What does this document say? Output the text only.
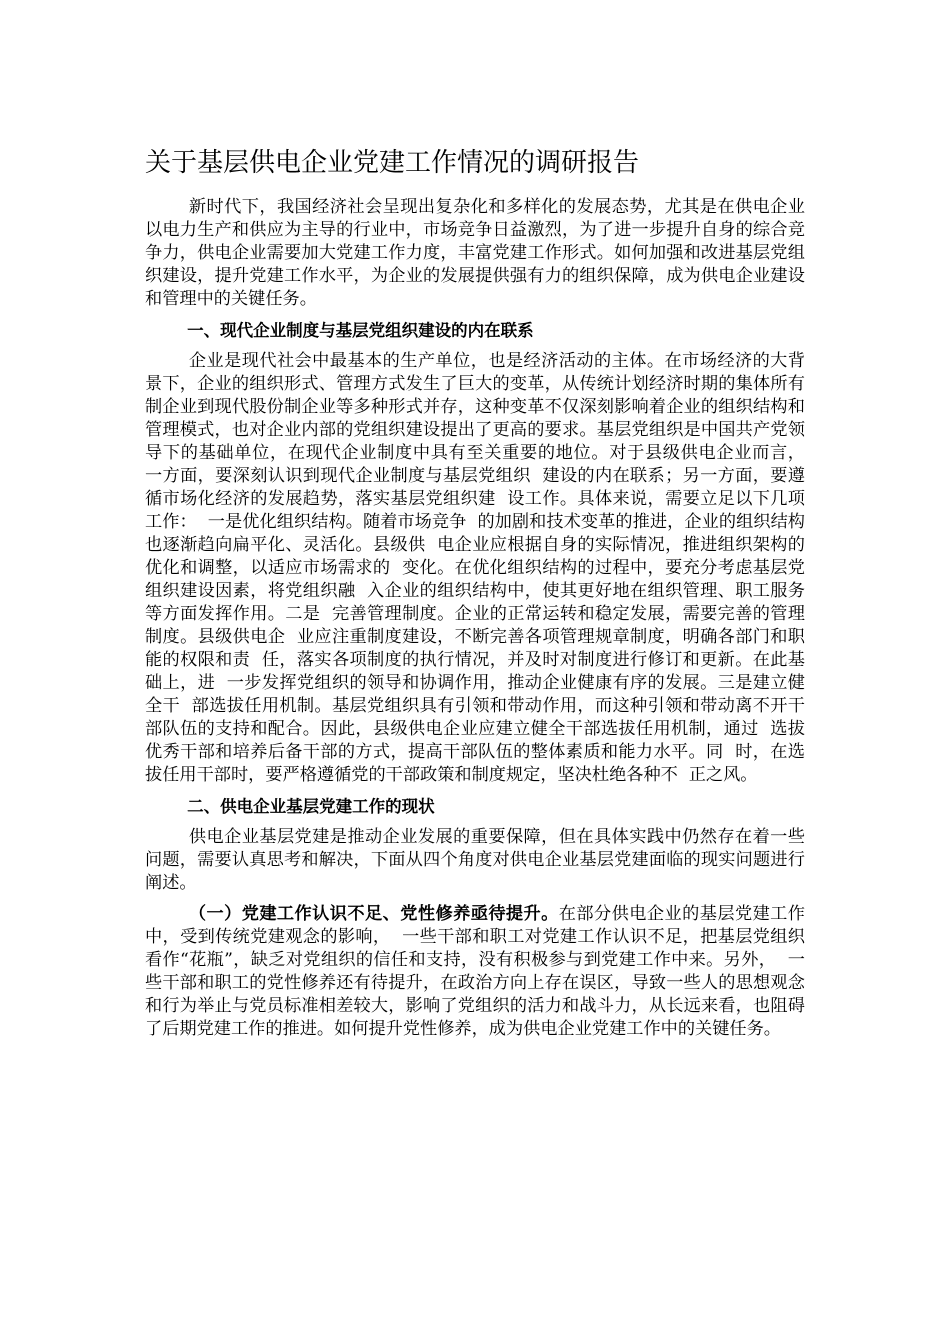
关于基层供电企业党建工作情况的调研报告

新时代下，我国经济社会呈现出复杂化和多样化的发展态势，尤其是在供电企业以电力生产和供应为主导的行业中，市场竞争日益激烈，为了进一步提升自身的综合竞争力，供电企业需要加大党建工作力度，丰富党建工作形式。如何加强和改进基层党组织建设，提升党建工作水平，为企业的发展提供强有力的组织保障，成为供电企业建设和管理中的关键任务。

一、现代企业制度与基层党组织建设的内在联系

企业是现代社会中最基本的生产单位，也是经济活动的主体。在市场经济的大背景下，企业的组织形式、管理方式发生了巨大的变革，从传统计划经济时期的集体所有制企业到现代股份制企业等多种形式并存，这种变革不仅深刻影响着企业的组织结构和管理模式，也对企业内部的党组织建设提出了更高的要求。基层党组织是中国共产党领导下的基础单位，在现代企业制度中具有至关重要的地位。对于县级供电企业而言，  一方面，要深刻认识到现代企业制度与基层党组织  建设的内在联系；另一方面，要遵循市场化经济的发展趋势，落实基层党组织建  设工作。具体来说，需要立足以下几项工作：  一是优化组织结构。随着市场竞争  的加剧和技术变革的推进，企业的组织结构也逐渐趋向扁平化、灵活化。县级供  电企业应根据自身的实际情况，推进组织架构的优化和调整，以适应市场需求的  变化。在优化组织结构的过程中，要充分考虑基层党组织建设因素，将党组织融  入企业的组织结构中，使其更好地在组织管理、职工服务等方面发挥作用。二是  完善管理制度。企业的正常运转和稳定发展，需要完善的管理制度。县级供电企  业应注重制度建设，不断完善各项管理规章制度，明确各部门和职能的权限和责  任，落实各项制度的执行情况，并及时对制度进行修订和更新。在此基础上，进  一步发挥党组织的领导和协调作用，推动企业健康有序的发展。三是建立健全干  部选拔任用机制。基层党组织具有引领和带动作用，而这种引领和带动离不开干  部队伍的支持和配合。因此，县级供电企业应建立健全干部选拔任用机制，通过  选拔优秀干部和培养后备干部的方式，提高干部队伍的整体素质和能力水平。同  时，在选拔任用干部时，要严格遵循党的干部政策和制度规定，坚决杜绝各种不  正之风。

二、供电企业基层党建工作的现状

供电企业基层党建是推动企业发展的重要保障，但在具体实践中仍然存在着一些问题，需要认真思考和解决，下面从四个角度对供电企业基层党建面临的现实问题进行阐述。

（一）党建工作认识不足、党性修养亟待提升。在部分供电企业的基层党建工作中，受到传统党建观念的影响，  一些干部和职工对党建工作认识不足，把基层党组织看作“花瓶”，缺乏对党组织的信任和支持，没有积极参与到党建工作中来。另外，  一些干部和职工的党性修养还有待提升，在政治方向上存在误区，导致一些人的思想观念和行为举止与党员标准相差较大，影响了党组织的活力和战斗力，从长远来看，也阻碍了后期党建工作的推进。如何提升党性修养，成为供电企业党建工作中的关键任务。
